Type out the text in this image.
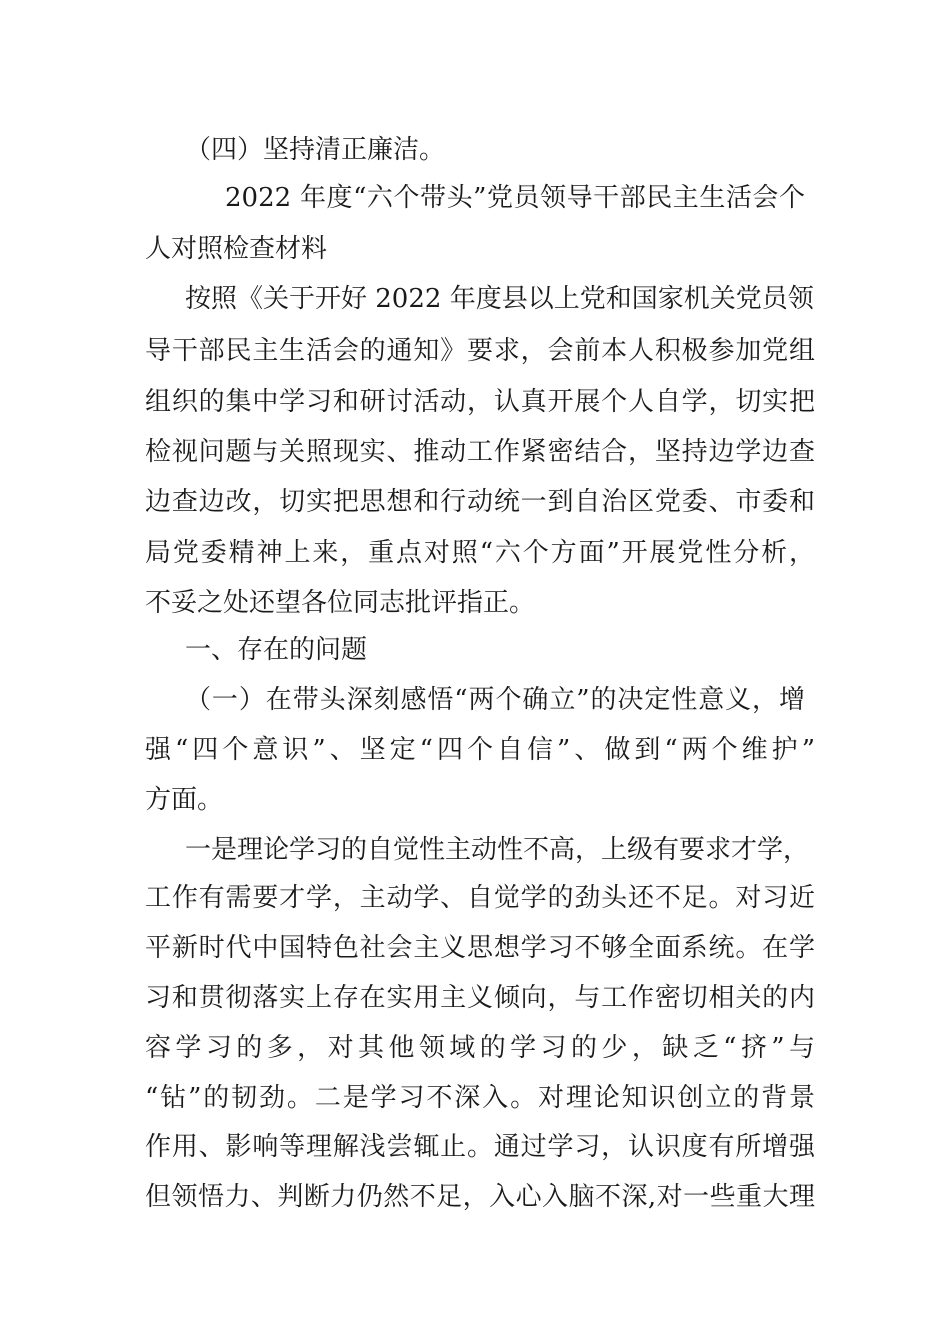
（四）坚持清正廉洁。
2022 年度“六个带头”党员领导干部民主生活会个
人对照检查材料
按照《关于开好 2022 年度县以上党和国家机关党员领
导干部民主生活会的通知》要求，会前本人积极参加党组
组织的集中学习和研讨活动，认真开展个人自学，切实把
检视问题与关照现实、推动工作紧密结合，坚持边学边查
边查边改，切实把思想和行动统一到自治区党委、市委和
局党委精神上来，重点对照“六个方面”开展党性分析，
不妥之处还望各位同志批评指正。
一、存在的问题
（一）在带头深刻感悟“两个确立”的决定性意义，增
强“四个意识”、坚定“四个自信”、做到“两个维护”
方面。
一是理论学习的自觉性主动性不高，上级有要求才学，
工作有需要才学，主动学、自觉学的劲头还不足。对习近
平新时代中国特色社会主义思想学习不够全面系统。在学
习和贯彻落实上存在实用主义倾向，与工作密切相关的内
容学习的多，对其他领域的学习的少，缺乏“挤”与
“钻”的韧劲。二是学习不深入。对理论知识创立的背景
作用、影响等理解浅尝辄止。通过学习，认识度有所增强
但领悟力、判断力仍然不足，入心入脑不深,对一些重大理
